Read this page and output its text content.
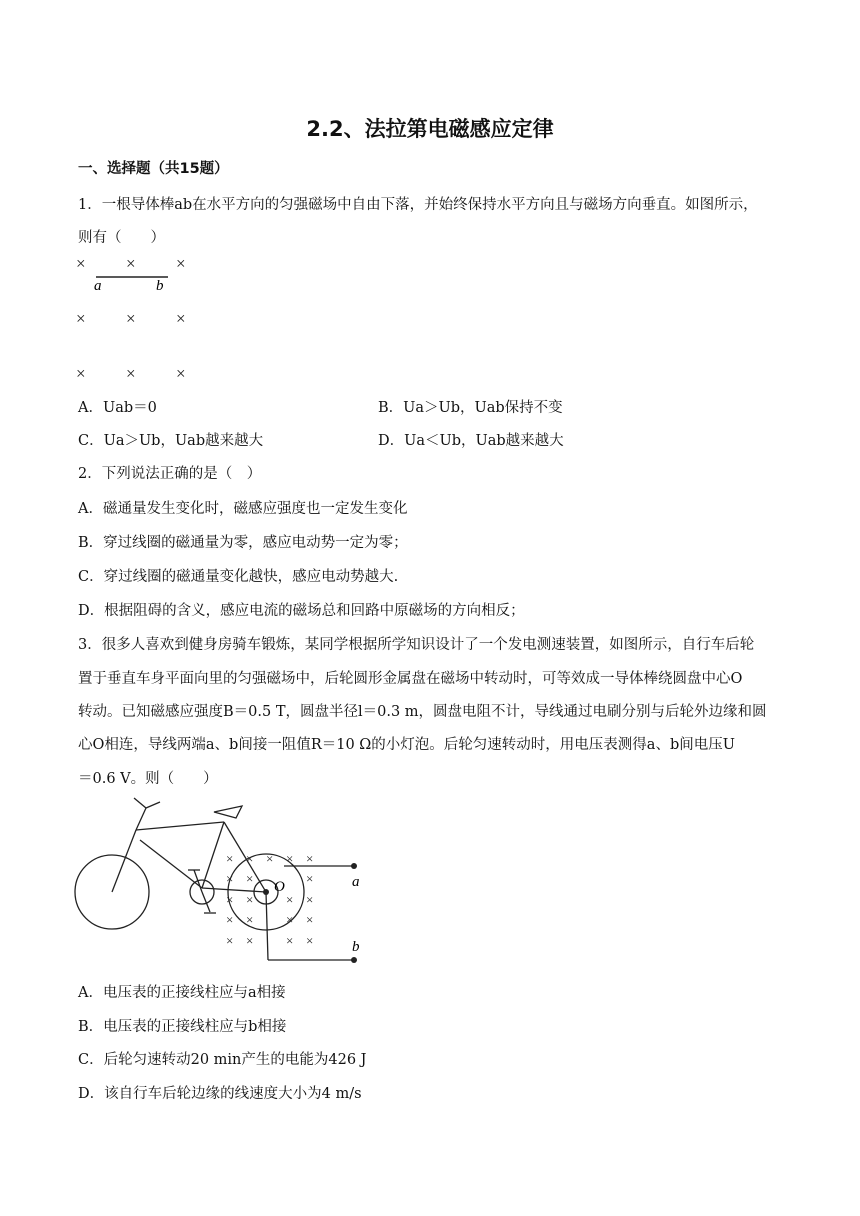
2.2、法拉第电磁感应定律
一、选择题（共15题）
1．一根导体棒ab在水平方向的匀强磁场中自由下落，并始终保持水平方向且与磁场方向垂直。如图所示，
则有（　　）
× × ×
× × ×
× × ×
a	b
A．Uab＝0	B．Ua＞Ub，Uab保持不变
C．Ua＞Ub，Uab越来越大	D．Ua＜Ub，Uab越来越大
2．下列说法正确的是（　）
A．磁通量发生变化时，磁感应强度也一定发生变化
B．穿过线圈的磁通量为零，感应电动势一定为零；
C．穿过线圈的磁通量变化越快，感应电动势越大.
D．根据阻碍的含义，感应电流的磁场总和回路中原磁场的方向相反；
3．很多人喜欢到健身房骑车锻炼，某同学根据所学知识设计了一个发电测速装置，如图所示，自行车后轮
置于垂直车身平面向里的匀强磁场中，后轮圆形金属盘在磁场中转动时，可等效成一导体棒绕圆盘中心O
转动。已知磁感应强度B＝0.5 T，圆盘半径l＝0.3 m，圆盘电阻不计，导线通过电刷分别与后轮外边缘和圆
心O相连，导线两端a、b间接一阻值R＝10 Ω的小灯泡。后轮匀速转动时，用电压表测得a、b间电压U
＝0.6 V。则（　　）
a
b
O
× × × × ×
× ×	×
× ×	× ×
× ×	× ×
× ×	× ×
A．电压表的正接线柱应与a相接
B．电压表的正接线柱应与b相接
C．后轮匀速转动20 min产生的电能为426 J
D．该自行车后轮边缘的线速度大小为4 m/s
